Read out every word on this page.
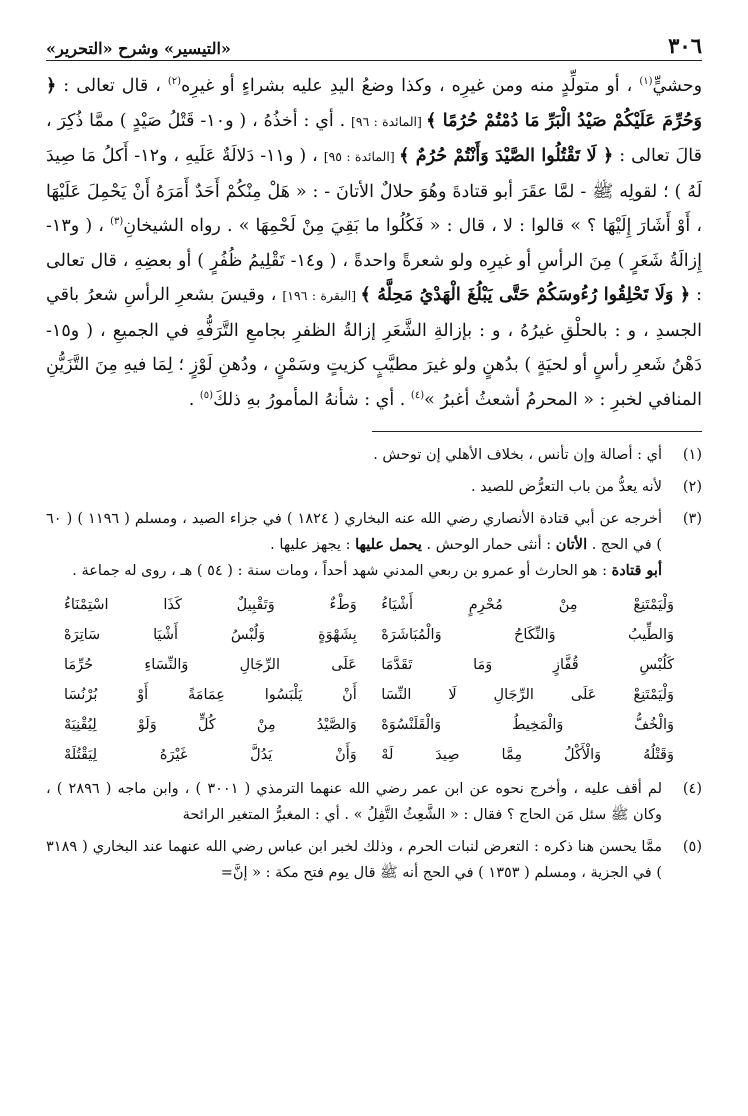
٣٠٦
«التيسير» وشرح «التحرير»

وحشيٍّ$^{(١)}$ ، أو متولِّدٍ منه ومن غيرِه ، وكذا وضعُ اليدِ عليه بشراءٍ أو غيرِه$^{(٢)}$ ، قال تعالى : ﴿ وَحُرِّمَ عَلَيْكُمْ صَيْدُ الْبَرِّ مَا دُمْتُمْ حُرُمًا ﴾ [المائدة : ٩٦] . أي : أخذُهُ ، ( و١٠- قَتْلُ صَيْدٍ ) ممَّا ذُكِرَ ، قالَ تعالى : ﴿ لَا تَقْتُلُوا الصَّيْدَ وَأَنْتُمْ حُرُمٌ ﴾ [المائدة : ٩٥] ، ( و١١- دَلالَةٌ عَلَيهِ ، و١٢- أَكلُ مَا صِيدَ لَهُ ) ؛ لقولِه ﷺ - لمَّا عقَرَ أبو قتادةَ وهُوَ حلالٌ الأتانَ - : « هَلْ مِنْكُمْ أَحَدٌ أَمَرَهُ أَنْ يَحْمِلَ عَلَيْهَا ، أَوْ أَشَارَ إِلَيْهَا ؟ » قالوا : لا ، قال : « فَكُلُوا ما بَقِيَ مِنْ لَحْمِهَا » . رواه الشيخانِ$^{(٣)}$ ، ( و١٣- إِزالَةُ شَعَرٍ ) مِنَ الرأسِ أو غيرِه ولو شعرةً واحدةً ، ( و١٤- تَقْلِيمُ ظُفُرٍ ) أو بعضِهِ ، قال تعالى : ﴿ وَلَا تَحْلِقُوا رُءُوسَكُمْ حَتَّى يَبْلُغَ الْهَدْيُ مَحِلَّهُ ﴾ [البقرة : ١٩٦] ، وقيسَ بشعرِ الرأسِ شعرُ باقي الجسدِ ، و : بالحلْقِ غيرُهُ ، و : بإزالةِ الشَّعَرِ إزالةُ الظفرِ بجامعِ التَّرَفُّهِ في الجميعِ ، ( و١٥- دَهْنُ شَعرِ رأسٍ أو لحيَةٍ ) بدُهنٍ ولو غيرَ مطيَّبٍ كزيتٍ وسَمْنٍ ، ودُهنِ لَوْزٍ ؛ لِمَا فيهِ مِنَ التَّزَيُّنِ المنافي لخبرِ : « المحرمُ أشعثُ أغبرُ »$^{(٤)}$ . أي : شأنهُ المأمورُ بهِ ذلكَ$^{(٥)}$ .

(١)
أي : أصالة وإن تأنس ، بخلاف الأهلي إن توحش .
(٢)
لأنه يعدُّ من باب التعرُّض للصيد .
(٣)
أخرجه عن أبي قتادة الأنصاري رضي الله عنه البخاري ( ١٨٢٤ ) في جزاء الصيد ، ومسلم ( ١١٩٦ ) ( ٦٠ ) في الحج . الأتان : أنثى حمار الوحش . يحمل عليها : يجهز عليها .
أبو قتادة : هو الحارث أو عمرو بن ربعي المدني شهد أحداً ، ومات سنة : ( ٥٤ ) هـ ، روى له جماعة .
وَلْيَمْتَنِعْ مِنْ مُحْرِمٍ أَشْيَاءُ
وَطْءٌ وَتَقْبِيلٌ كَذَا اسْتِمْنَاءُ
وَالطِّيبُ وَالنِّكَاحُ وَالْمُبَاشَرَهْ
بِشَهْوَةٍ وَلُبْسُ أَشْيَا سَاتِرَهْ
كَلُبْسِ قُفَّازٍ وَمَا تَقَدَّمَا
عَلَى الرِّجَالِ وَالنِّسَاءِ حُرِّمَا
وَلْيَمْتَنِعْ عَلَى الرِّجَالِ لَا النِّسَا
أَنْ يَلْبَسُوا عِمَامَةً أَوْ بُرْنُسَا
وَالْخُفُّ وَالْمَخِيطُ وَالْقَلَنْسُوَهْ
وَالصَّيْدُ مِنْ كُلٍّ وَلَوْ لِيُقْنِيَهْ
وَقَتْلُهُ وَالْأَكْلُ مِمَّا صِيدَ لَهْ
وَأَنْ يَدُلَّ غَيْرَهُ لِيَقْتُلَهْ
(٤)
لم أقف عليه ، وأخرج نحوه عن ابن عمر رضي الله عنهما الترمذي ( ٣٠٠١ ) ، وابن ماجه ( ٢٨٩٦ ) ، وكان ﷺ سئل مَن الحاج ؟ فقال : « الشَّعِثُ التَّفِلُ » . أي : المغبرُّ المتغير الرائحة
(٥)
ممَّا يحسن هنا ذكره : التعرض لنبات الحرم ، وذلك لخبر ابن عباس رضي الله عنهما عند البخاري ( ٣١٨٩ ) في الجزية ، ومسلم ( ١٣٥٣ ) في الحج أنه ﷺ قال يوم فتح مكة : « إنَّ=
